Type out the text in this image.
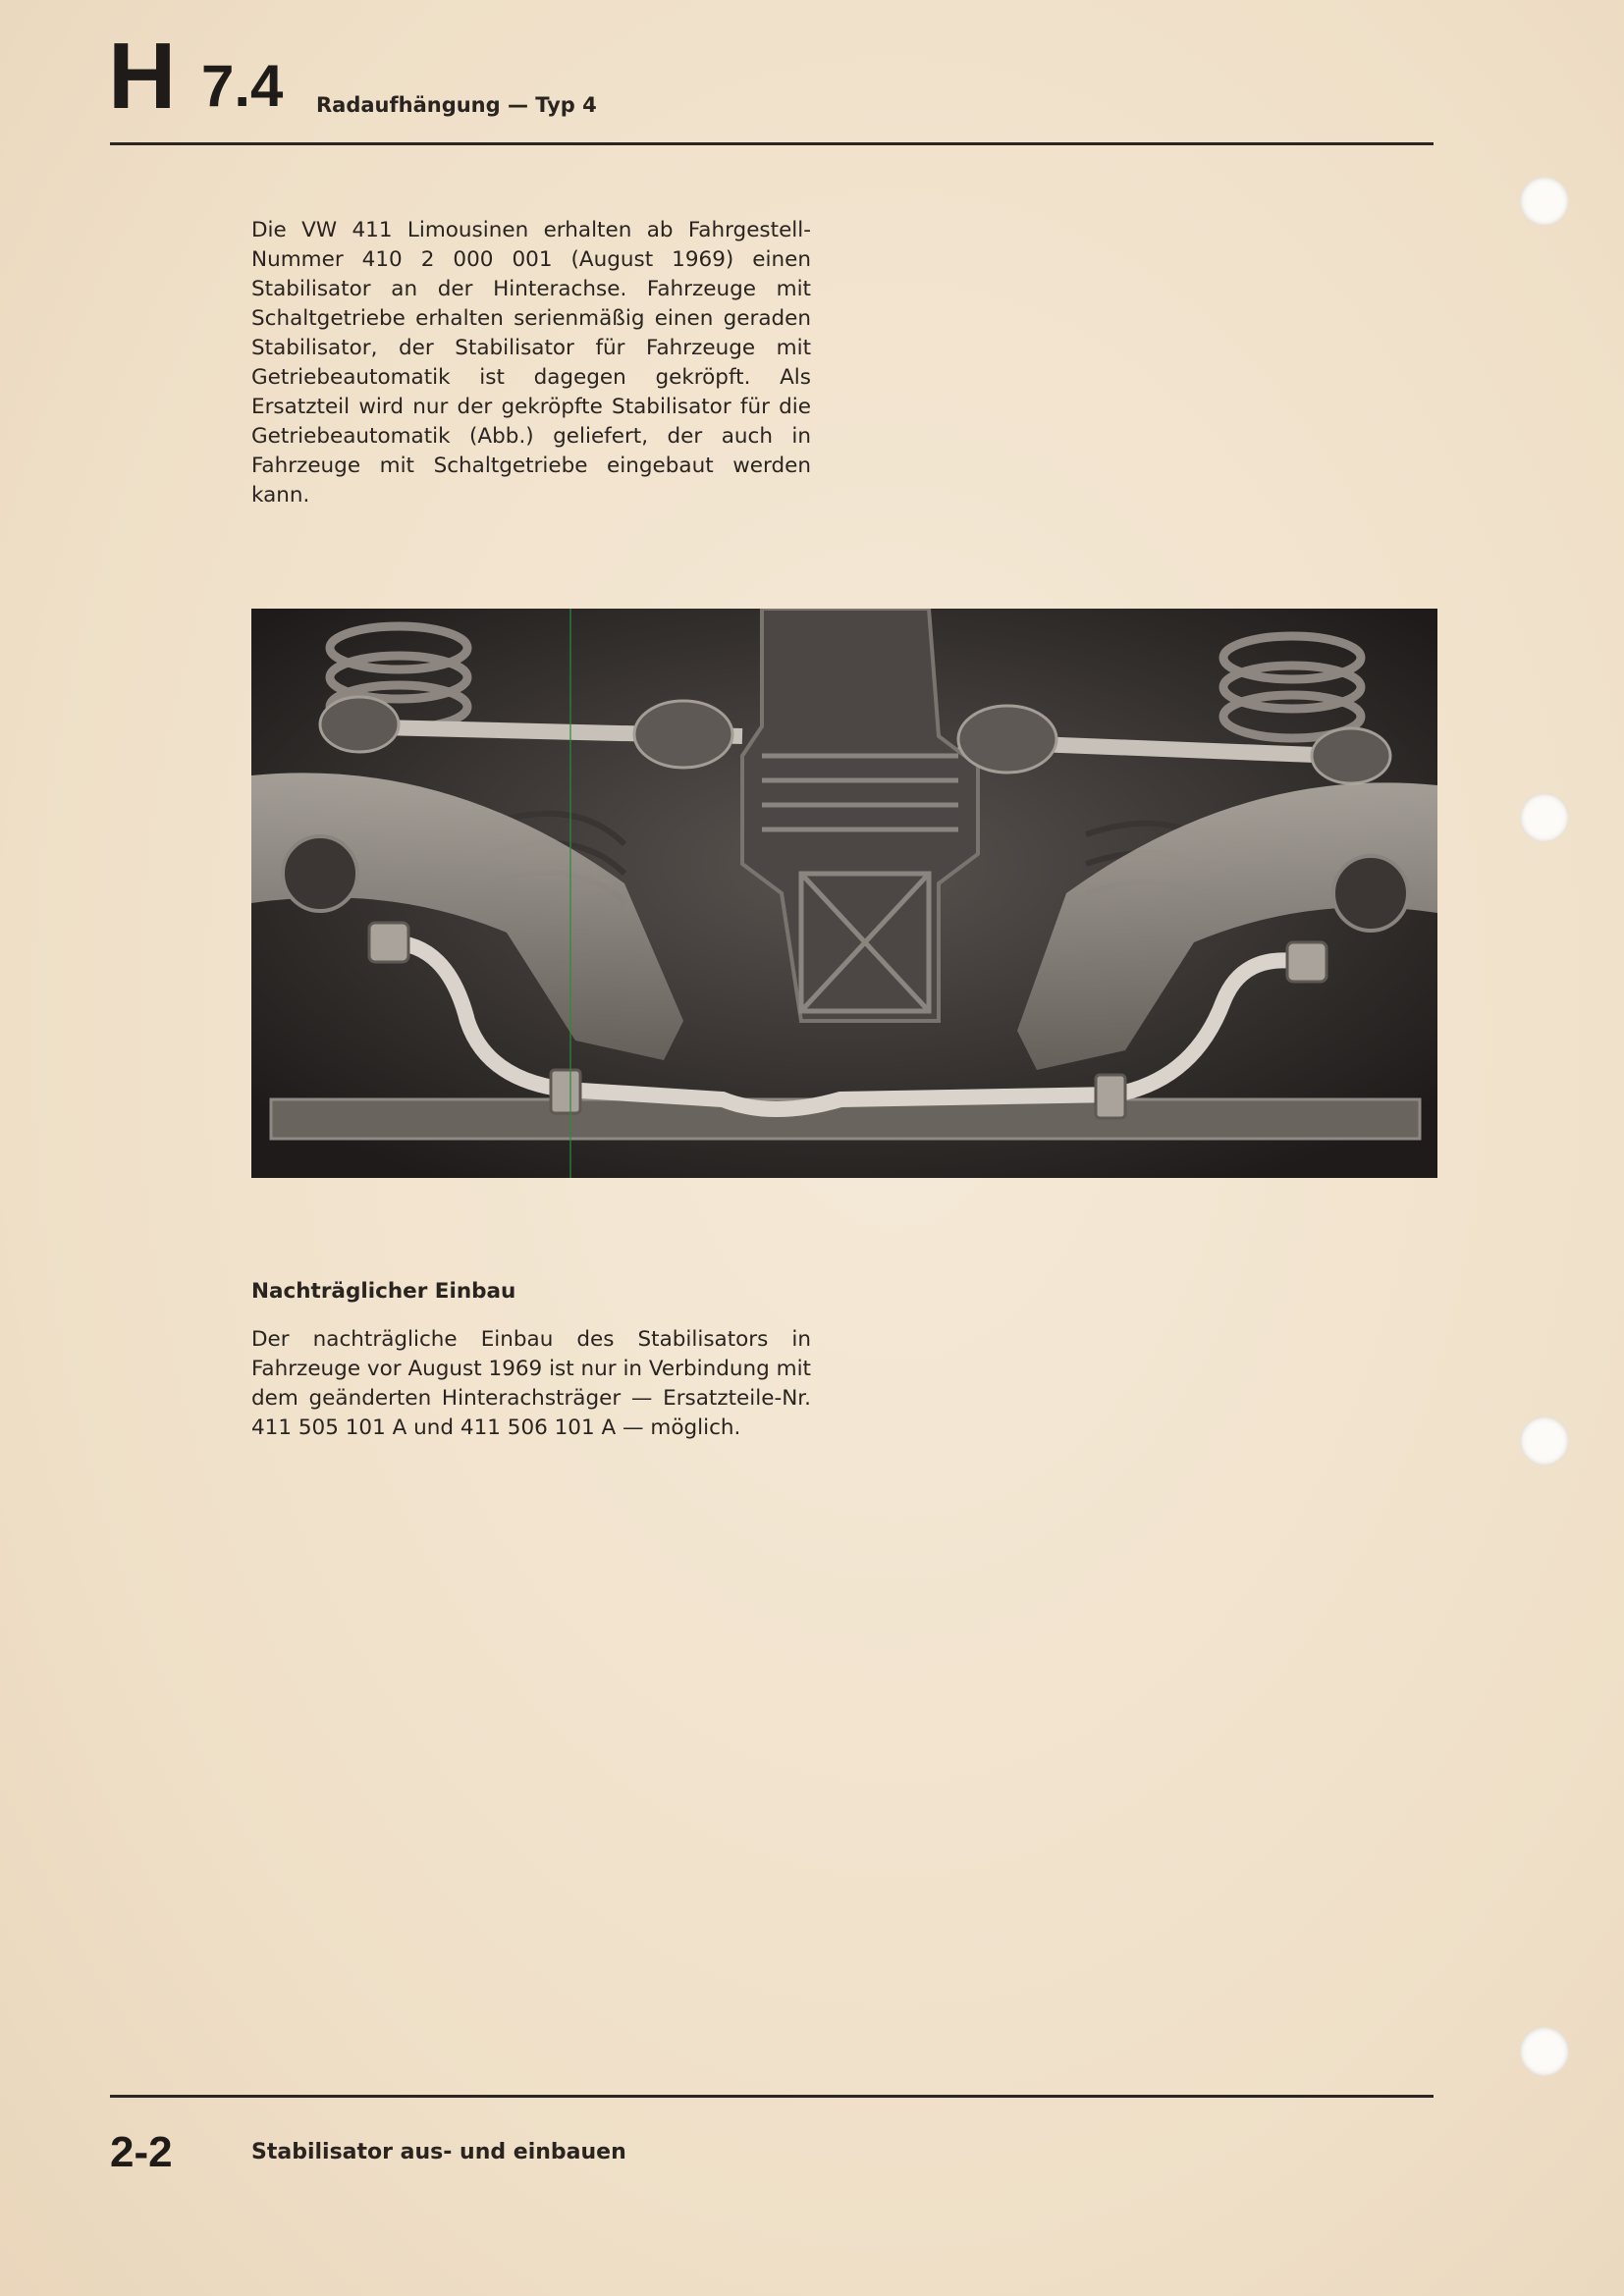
H 7.4 Radaufhängung — Typ 4

Die VW 411 Limousinen erhalten ab Fahrgestell-Nummer 410 2 000 001 (August 1969) einen Stabilisator an der Hinterachse. Fahrzeuge mit Schaltgetriebe erhalten serienmäßig einen geraden Stabilisator, der Stabilisator für Fahrzeuge mit Getriebeautomatik ist dagegen gekröpft. Als Ersatzteil wird nur der gekröpfte Stabilisator für die Getriebeautomatik (Abb.) geliefert, der auch in Fahrzeuge mit Schaltgetriebe eingebaut werden kann.

Nachträglicher Einbau

Der nachträgliche Einbau des Stabilisators in Fahrzeuge vor August 1969 ist nur in Verbindung mit dem geänderten Hinterachsträger — Ersatzteile-Nr. 411 505 101 A und 411 506 101 A — möglich.

2-2	Stabilisator aus- und einbauen
